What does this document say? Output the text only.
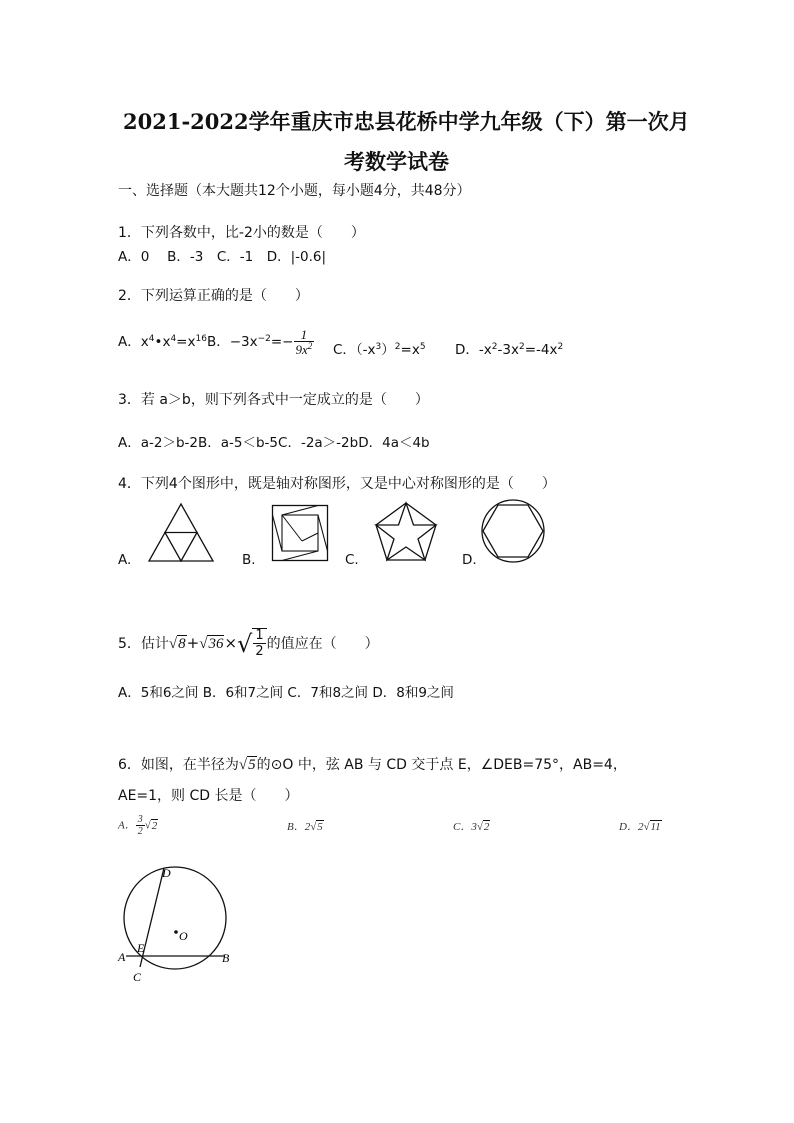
2021-2022学年重庆市忠县花桥中学九年级（下）第一次月
考数学试卷
一、选择题（本大题共12个小题，每小题4分，共48分）
1．下列各数中，比-2小的数是（　　）
A．0　 B．-3　C．-1　D．|-0.6|
2．下列运算正确的是（　　）
A．$x^4•x^4=x^{16}B$．$-3x^{-2}=- \frac{1}{9x^2}$ C．$(-x^3)^2=x^5$ D．$-x^2-3x^2=-4x^2$
3．若 a＞b，则下列各式中一定成立的是（　　）
A．a-2＞b-2B．a-5＜b-5C．-2a＞-2bD．4a＜4b
4．下列4个图形中，既是轴对称图形，又是中心对称图形的是（　　）
A.	B.	C.	D.
5．估计$√8+√36\times√ \frac{1}{2}$ 的值应在（　　）
A．5和6之间 B．6和7之间 C．7和8之间 D．8和9之间
6．如图，在半径为√5的⊙O 中，弦 AB 与 CD 交于点 E，∠DEB=75°，AB=4，
AE=1，则 CD 长是（　　）
A． $\frac{3}{2} √2$	B．2√5	C．3√2	D．2√11
D
O
E
A	B
C
